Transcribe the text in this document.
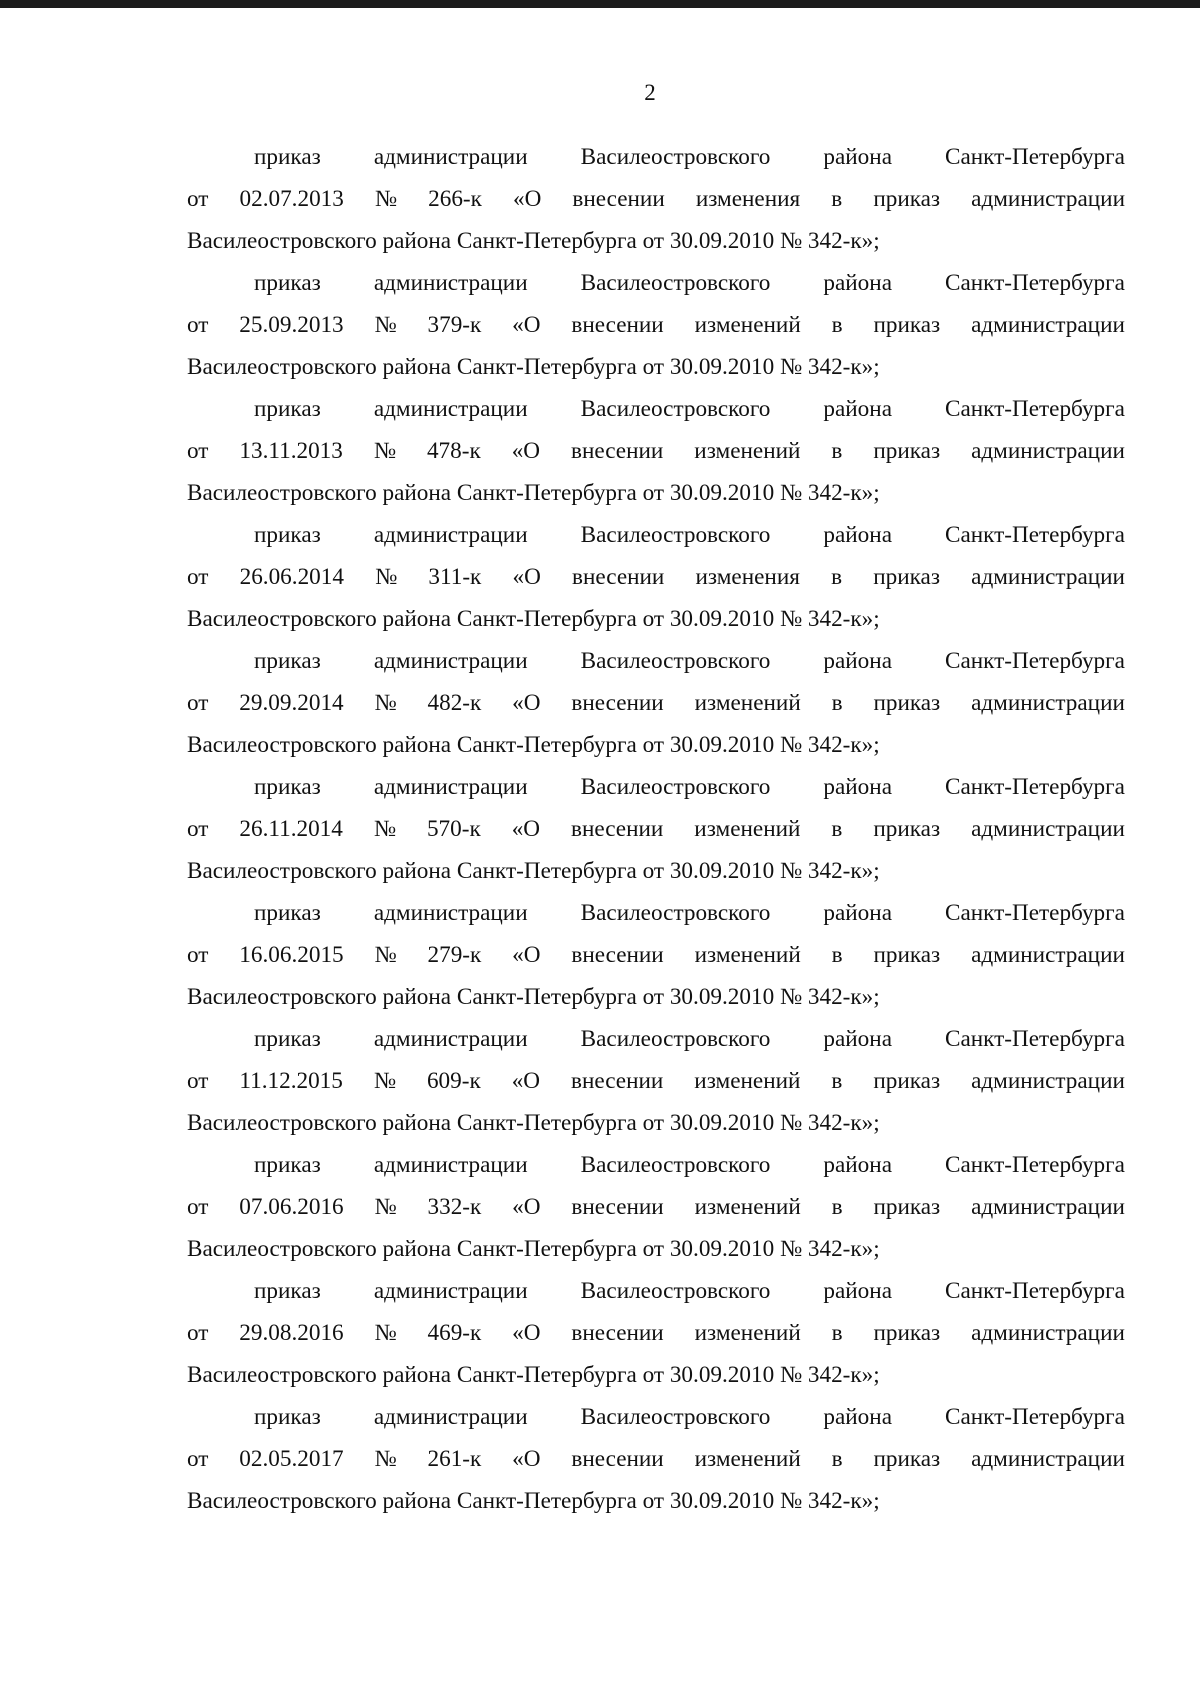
2
приказ администрации Василеостровского района Санкт-Петербурга
от 02.07.2013 № 266-к «О внесении изменения в приказ администрации
Василеостровского района Санкт-Петербурга от 30.09.2010 № 342-к»;
приказ администрации Василеостровского района Санкт-Петербурга
от 25.09.2013 № 379-к «О внесении изменений в приказ администрации
Василеостровского района Санкт-Петербурга от 30.09.2010 № 342-к»;
приказ администрации Василеостровского района Санкт-Петербурга
от 13.11.2013 № 478-к «О внесении изменений в приказ администрации
Василеостровского района Санкт-Петербурга от 30.09.2010 № 342-к»;
приказ администрации Василеостровского района Санкт-Петербурга
от 26.06.2014 № 311-к «О внесении изменения в приказ администрации
Василеостровского района Санкт-Петербурга от 30.09.2010 № 342-к»;
приказ администрации Василеостровского района Санкт-Петербурга
от 29.09.2014 № 482-к «О внесении изменений в приказ администрации
Василеостровского района Санкт-Петербурга от 30.09.2010 № 342-к»;
приказ администрации Василеостровского района Санкт-Петербурга
от 26.11.2014 № 570-к «О внесении изменений в приказ администрации
Василеостровского района Санкт-Петербурга от 30.09.2010 № 342-к»;
приказ администрации Василеостровского района Санкт-Петербурга
от 16.06.2015 № 279-к «О внесении изменений в приказ администрации
Василеостровского района Санкт-Петербурга от 30.09.2010 № 342-к»;
приказ администрации Василеостровского района Санкт-Петербурга
от 11.12.2015 № 609-к «О внесении изменений в приказ администрации
Василеостровского района Санкт-Петербурга от 30.09.2010 № 342-к»;
приказ администрации Василеостровского района Санкт-Петербурга
от 07.06.2016 № 332-к «О внесении изменений в приказ администрации
Василеостровского района Санкт-Петербурга от 30.09.2010 № 342-к»;
приказ администрации Василеостровского района Санкт-Петербурга
от 29.08.2016 № 469-к «О внесении изменений в приказ администрации
Василеостровского района Санкт-Петербурга от 30.09.2010 № 342-к»;
приказ администрации Василеостровского района Санкт-Петербурга
от 02.05.2017 № 261-к «О внесении изменений в приказ администрации
Василеостровского района Санкт-Петербурга от 30.09.2010 № 342-к»;
